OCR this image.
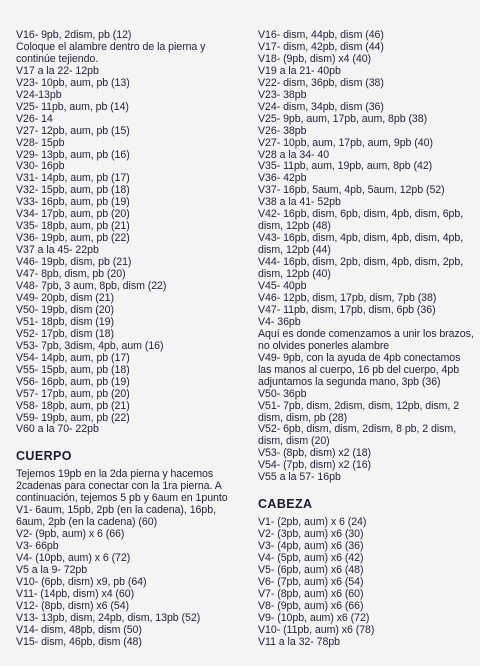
V16- 9pb, 2dism, pb (12)
Coloque el alambre dentro de la pierna y continúe tejiendo.
V17 a la 22- 12pb
V23- 10pb, aum, pb (13)
V24-13pb
V25- 11pb, aum, pb (14)
V26- 14
V27- 12pb, aum, pb (15)
V28- 15pb
V29- 13pb, aum, pb (16)
V30- 16pb
V31- 14pb, aum, pb (17)
V32- 15pb, aum, pb (18)
V33- 16pb, aum, pb (19)
V34- 17pb, aum, pb (20)
V35- 18pb, aum, pb (21)
V36- 19pb, aum, pb (22)
V37 a la 45- 22pb
V46- 19pb, dism, pb (21)
V47- 8pb, dism, pb (20)
V48- 7pb, 3 aum, 8pb, dism (22)
V49- 20pb, dism (21)
V50- 19pb, dism (20)
V51- 18pb, dism (19)
V52- 17pb, dism (18)
V53- 7pb, 3dism, 4pb, aum (16)
V54- 14pb, aum, pb (17)
V55- 15pb, aum, pb (18)
V56- 16pb, aum, pb (19)
V57- 17pb, aum, pb (20)
V58- 18pb, aum, pb (21)
V59- 19pb, aum, pb (22)
V60 a la 70- 22pb
CUERPO
Tejemos 19pb en la 2da pierna y hacemos 2cadenas para conectar con la 1ra pierna. A continuación, tejemos 5 pb y 6aum en 1punto
V1- 6aum, 15pb, 2pb (en la cadena), 16pb, 6aum, 2pb (en la cadena) (60)
V2- (9pb, aum) x 6 (66)
V3- 66pb
V4- (10pb, aum) x 6 (72)
V5 a la 9- 72pb
V10- (6pb, dism) x9, pb (64)
V11- (14pb, dism) x4 (60)
V12- (8pb, dism) x6 (54)
V13- 13pb, dism, 24pb, dism, 13pb (52)
V14- dism, 48pb, dism (50)
V15- dism, 46pb, dism (48)
V16- dism, 44pb, dism (46)
V17- dism, 42pb, dism (44)
V18- (9pb, dism) x4 (40)
V19 a la 21- 40pb
V22- dism, 36pb, dism (38)
V23- 38pb
V24- dism, 34pb, dism (36)
V25- 9pb, aum, 17pb, aum, 8pb (38)
V26- 38pb
V27- 10pb, aum, 17pb, aum, 9pb (40)
V28 a la 34- 40
V35- 11pb, aum, 19pb, aum, 8pb (42)
V36- 42pb
V37- 16pb, 5aum, 4pb, 5aum, 12pb (52)
V38 a la 41- 52pb
V42- 16pb, dism, 6pb, dism, 4pb, dism, 6pb, dism, 12pb (48)
V43- 16pb, dism, 4pb, dism, 4pb, dism, 4pb, dism, 12pb (44)
V44- 16pb, dism, 2pb, dism, 4pb, dism, 2pb, dism, 12pb (40)
V45- 40pb
V46- 12pb, dism, 17pb, dism, 7pb (38)
V47- 11pb, dism, 17pb, dism, 6pb (36)
V4- 36pb
Aquí es donde comenzamos a unir los brazos, no olvides ponerles alambre
V49- 9pb, con la ayuda de 4pb conectamos las manos al cuerpo, 16 pb del cuerpo, 4pb adjuntamos la segunda mano, 3pb (36)
V50- 36pb
V51- 7pb, dism, 2dism, dism, 12pb, dism, 2 dism, dism, pb (28)
V52- 6pb, dism, dism, 2dism, 8 pb, 2 dism, dism, dism (20)
V53- (8pb, dism) x2 (18)
V54- (7pb, dism) x2 (16)
V55 a la 57- 16pb
CABEZA
V1- (2pb, aum) x 6 (24)
V2- (3pb, aum) x6 (30)
V3- (4pb, aum) x6 (36)
V4- (5pb, aum) x6 (42)
V5- (6pb, aum) x6 (48)
V6- (7pb, aum) x6 (54)
V7- (8pb, aum) x6 (60)
V8- (9pb, aum) x6 (66)
V9- (10pb, aum) x6 (72)
V10- (11pb, aum) x6 (78)
V11 a la 32- 78pb
